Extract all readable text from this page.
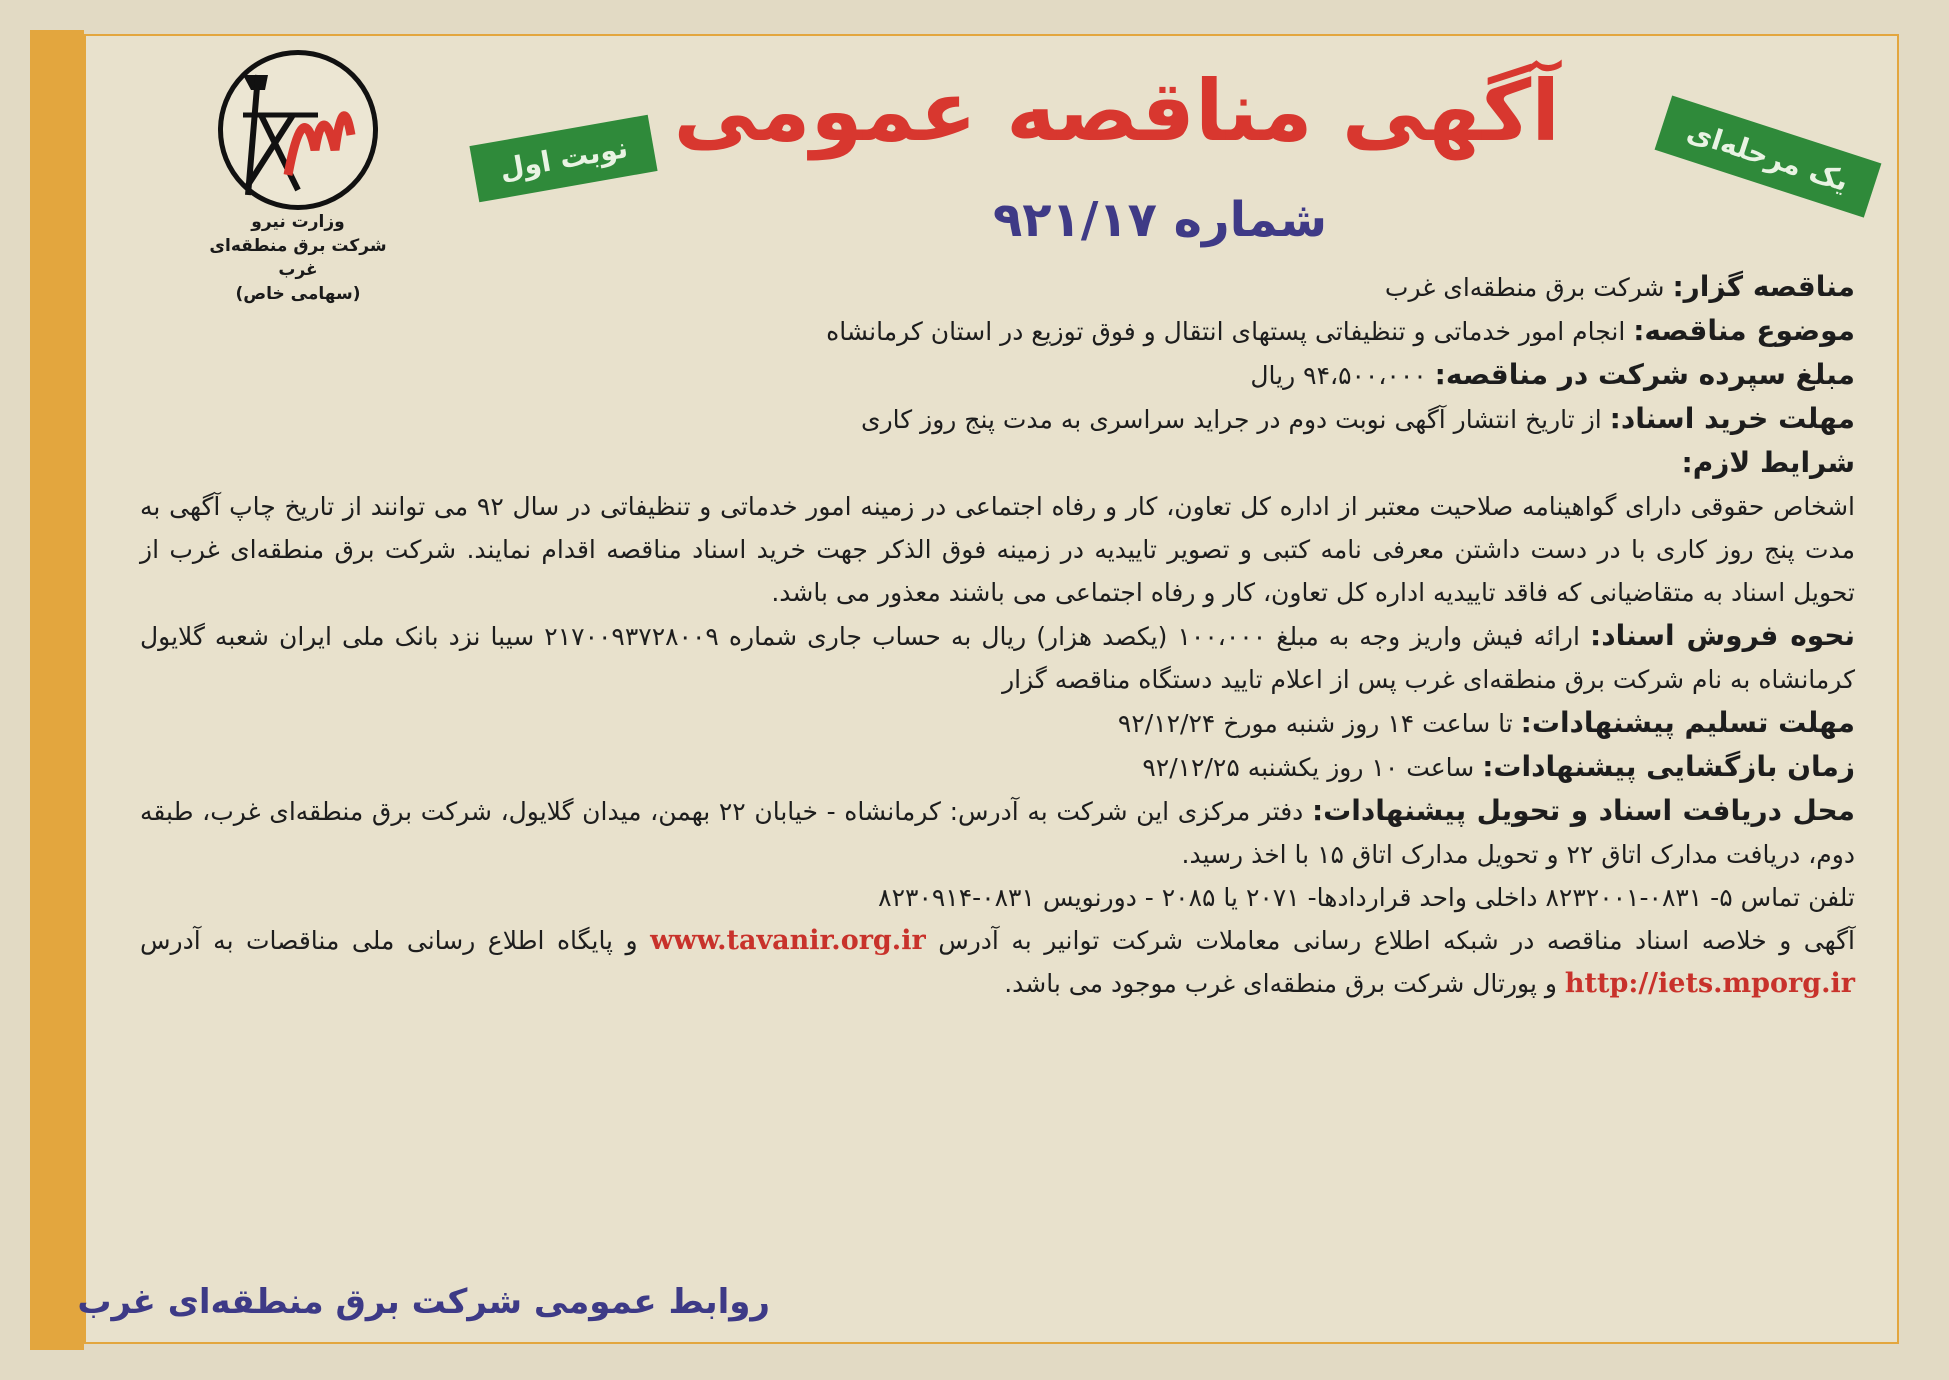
وزارت نیرو
شرکت برق منطقه‌ای غرب
(سهامی خاص)
نوبت اول	یک مرحله‌ای
آگهی مناقصه عمومی
شماره ۹۲۱/۱۷

مناقصه گزار: شرکت برق منطقه‌ای غرب

موضوع مناقصه: انجام امور خدماتی و تنظیفاتی پستهای انتقال و فوق توزیع در استان کرمانشاه

مبلغ سپرده شرکت در مناقصه: ۹۴،۵۰۰،۰۰۰ ریال

مهلت خرید اسناد: از تاریخ انتشار آگهی نوبت دوم در جراید سراسری به مدت پنج روز کاری

شرایط لازم:

اشخاص حقوقی دارای گواهینامه صلاحیت معتبر از اداره کل تعاون، کار و رفاه اجتماعی در زمینه امور خدماتی و تنظیفاتی در سال ۹۲ می توانند از تاریخ چاپ آگهی به مدت پنج روز کاری با در دست داشتن معرفی نامه کتبی و تصویر تاییدیه در زمینه فوق الذکر جهت خرید اسناد مناقصه اقدام نمایند. شرکت برق منطقه‌ای غرب از تحویل اسناد به متقاضیانی که فاقد تاییدیه اداره کل تعاون، کار و رفاه اجتماعی می باشند معذور می باشد.

نحوه فروش اسناد: ارائه فیش واریز وجه به مبلغ ۱۰۰،۰۰۰ (یکصد هزار) ریال به حساب جاری شماره ۲۱۷۰۰۹۳۷۲۸۰۰۹ سیبا نزد بانک ملی ایران شعبه گلایول کرمانشاه به نام شرکت برق منطقه‌ای غرب پس از اعلام تایید دستگاه مناقصه گزار

مهلت تسلیم پیشنهادات: تا ساعت ۱۴ روز شنبه مورخ ۹۲/۱۲/۲۴

زمان بازگشایی پیشنهادات: ساعت ۱۰ روز یکشنبه ۹۲/۱۲/۲۵

محل دریافت اسناد و تحویل پیشنهادات: دفتر مرکزی این شرکت به آدرس: کرمانشاه - خیابان ۲۲ بهمن، میدان گلایول، شرکت برق منطقه‌ای غرب، طبقه دوم، دریافت مدارک اتاق ۲۲ و تحویل مدارک اتاق ۱۵ با اخذ رسید.

تلفن تماس ۵- ۰۸۳۱-۸۲۳۲۰۰۱ داخلی واحد قراردادها- ۲۰۷۱ یا ۲۰۸۵ - دورنویس ۰۸۳۱-۸۲۳۰۹۱۴

آگهی و خلاصه اسناد مناقصه در شبکه اطلاع رسانی معاملات شرکت توانیر به آدرس www.tavanir.org.ir و پایگاه اطلاع رسانی ملی مناقصات به آدرس http://iets.mporg.ir و پورتال شرکت برق منطقه‌ای غرب موجود می باشد.

روابط عمومی شرکت برق منطقه‌ای غرب
